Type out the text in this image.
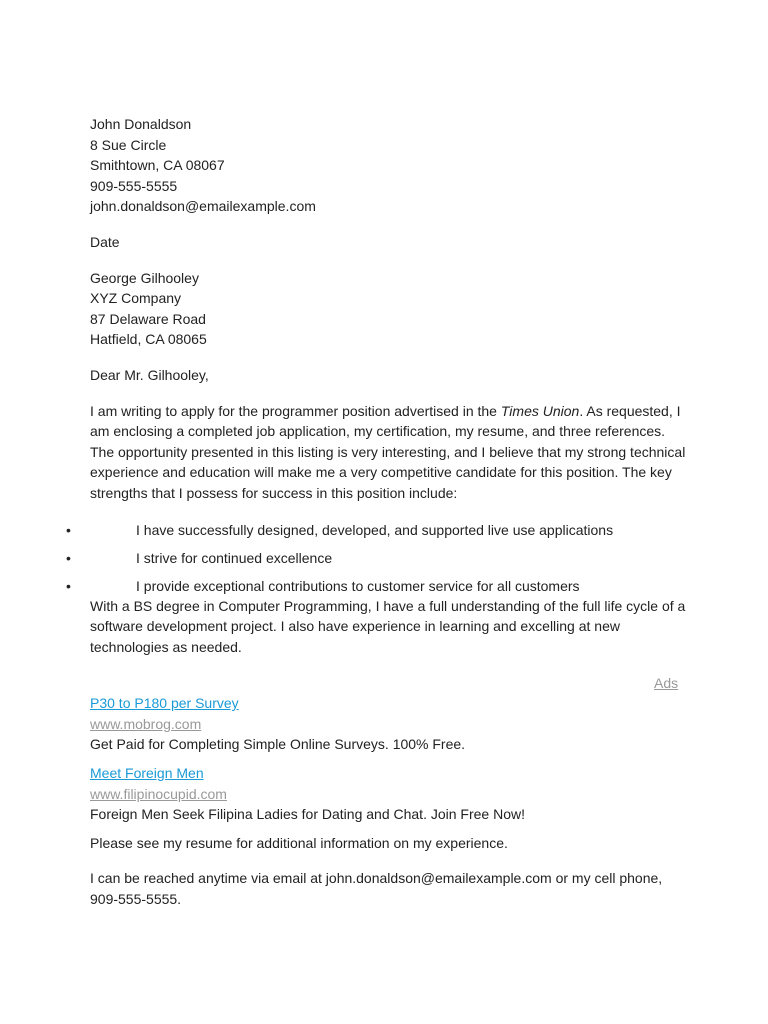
John Donaldson
8 Sue Circle
Smithtown, CA 08067
909-555-5555
john.donaldson@emailexample.com
Date
George Gilhooley
XYZ Company
87 Delaware Road
Hatfield, CA 08065
Dear Mr. Gilhooley,

I am writing to apply for the programmer position advertised in the Times Union. As requested, I am enclosing a completed job application, my certification, my resume, and three references. The opportunity presented in this listing is very interesting, and I believe that my strong technical experience and education will make me a very competitive candidate for this position. The key strengths that I possess for success in this position include:

•	I have successfully designed, developed, and supported live use applications
•	I strive for continued excellence
•	I provide exceptional contributions to customer service for all customers

With a BS degree in Computer Programming, I have a full understanding of the full life cycle of a software development project. I also have experience in learning and excelling at new technologies as needed.

Ads
P30 to P180 per Survey
www.mobrog.com
Get Paid for Completing Simple Online Surveys. 100% Free.
Meet Foreign Men
www.filipinocupid.com
Foreign Men Seek Filipina Ladies for Dating and Chat. Join Free Now!

Please see my resume for additional information on my experience.

I can be reached anytime via email at john.donaldson@emailexample.com or my cell phone, 909-555-5555.
